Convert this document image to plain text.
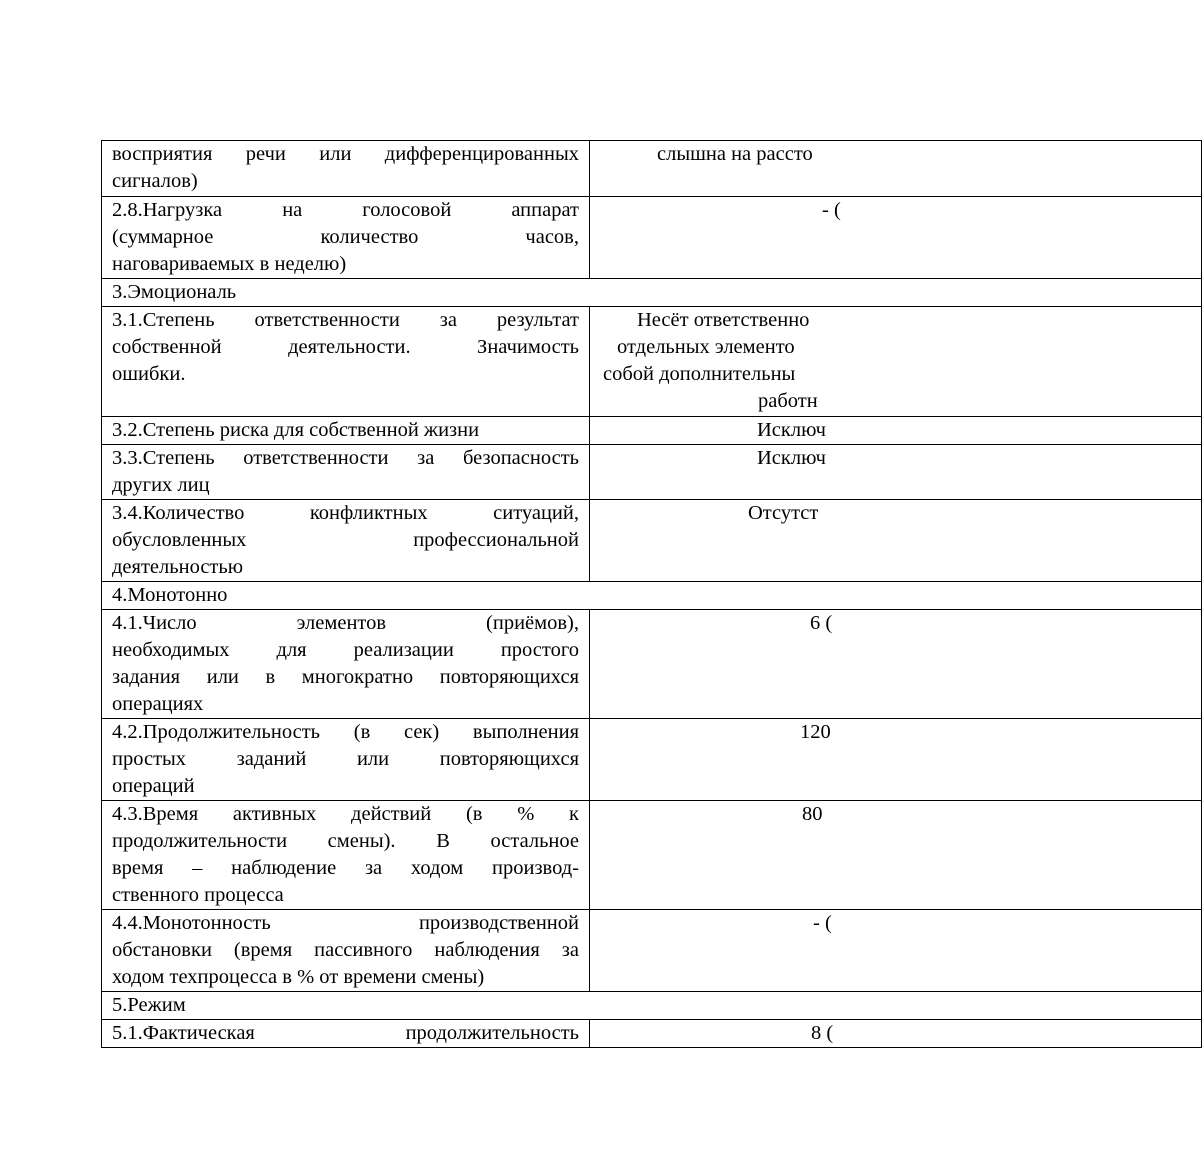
восприятия речи или дифференцированных
сигналов)	слышна на рассто

2.8.Нагрузка на голосовой аппарат
(суммарное количество часов,
наговариваемых в неделю)	- (

3.Эмоциональ	

3.1.Степень ответственности за результат
собственной деятельности. Значимость
ошибки.	Несёт ответственно
отдельных элементо
собой дополнительны
работн

3.2.Степень риска для собственной жизни	Исключ

3.3.Степень ответственности за безопасность
других лиц	Исключ

3.4.Количество конфликтных ситуаций,
обусловленных профессиональной
деятельностью	Отсутст

4.Монотонно	

4.1.Число элементов (приёмов),
необходимых для реализации простого
задания или в многократно повторяющихся
операциях	6 (

4.2.Продолжительность (в сек) выполнения
простых заданий или повторяющихся
операций	120

4.3.Время активных действий (в % к
продолжительности смены). В остальное
время – наблюдение за ходом производ-
ственного процесса	80

4.4.Монотонность производственной
обстановки (время пассивного наблюдения за
ходом техпроцесса в % от времени смены)	- (

5.Режим	

5.1.Фактическая продолжительность	8 (
